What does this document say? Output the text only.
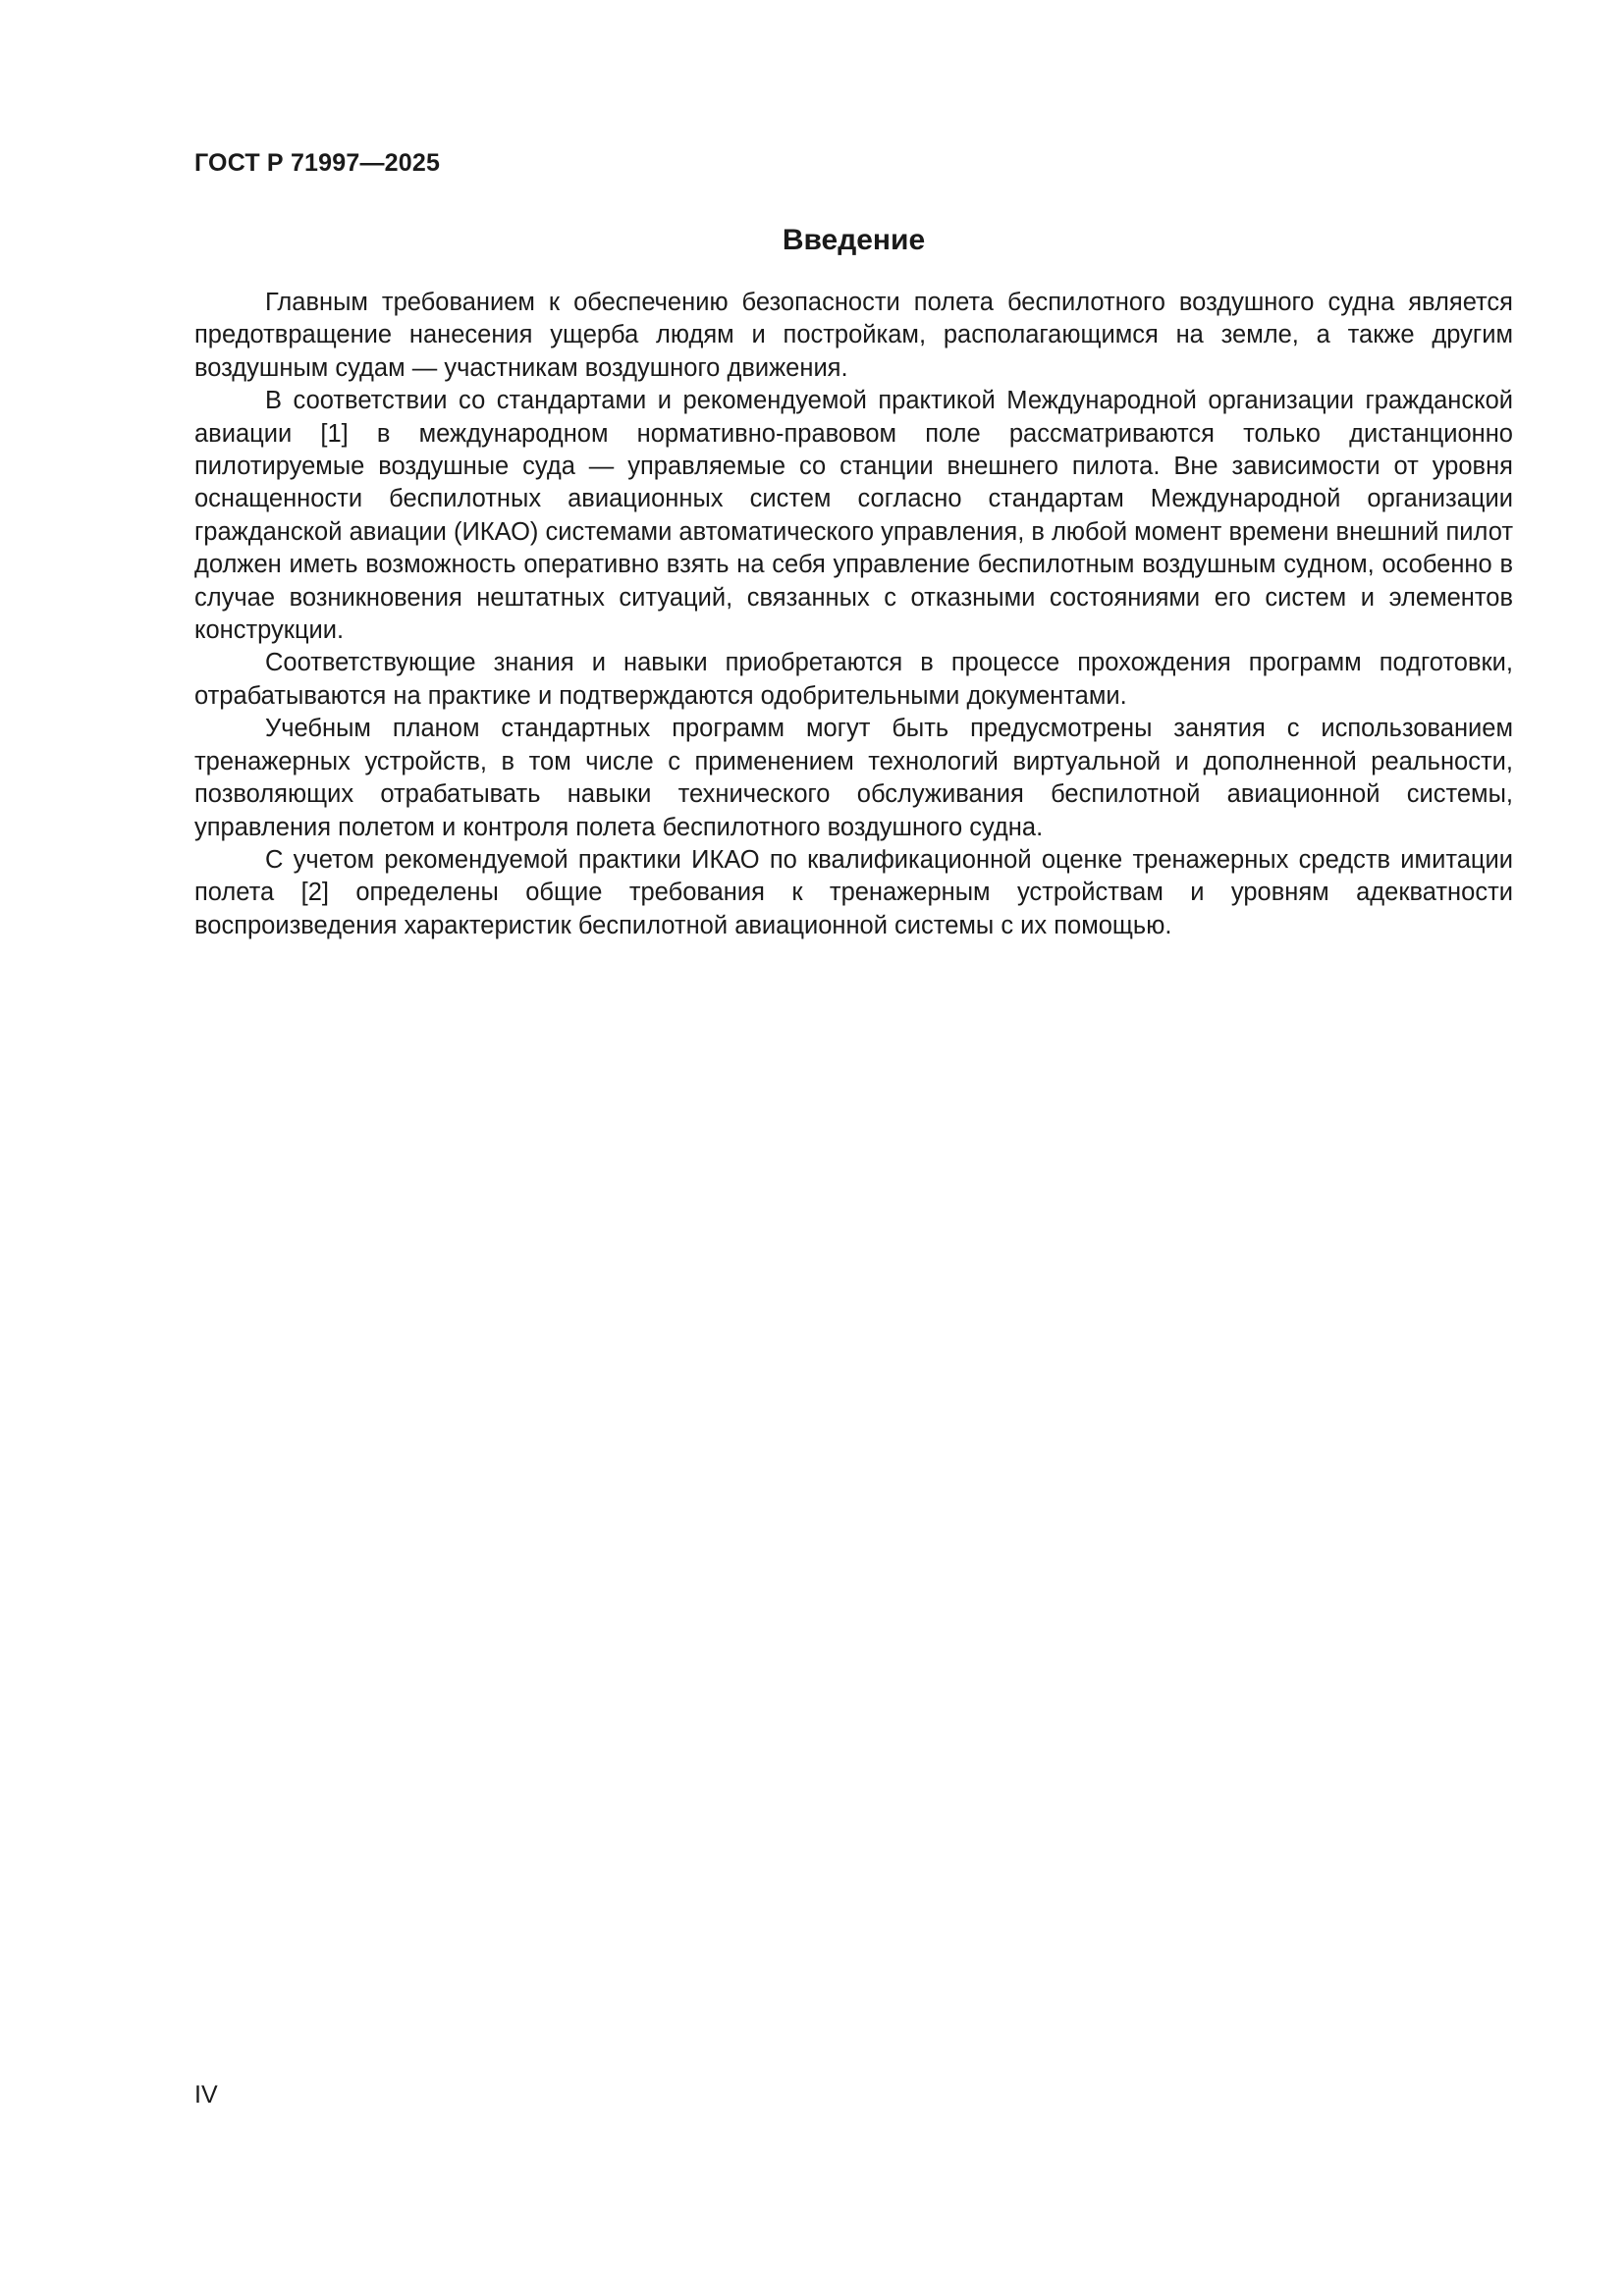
ГОСТ Р 71997—2025
Введение

Главным требованием к обеспечению безопасности полета беспилотного воздушного судна является предотвращение нанесения ущерба людям и постройкам, располагающимся на земле, а также другим воздушным судам — участникам воздушного движения.

В соответствии со стандартами и рекомендуемой практикой Международной организации гражданской авиации [1] в международном нормативно-правовом поле рассматриваются только дистанционно пилотируемые воздушные суда — управляемые со станции внешнего пилота. Вне зависимости от уровня оснащенности беспилотных авиационных систем согласно стандартам Международной организации гражданской авиации (ИКАО) системами автоматического управления, в любой момент времени внешний пилот должен иметь возможность оперативно взять на себя управление беспилотным воздушным судном, особенно в случае возникновения нештатных ситуаций, связанных с отказными состояниями его систем и элементов конструкции.

Соответствующие знания и навыки приобретаются в процессе прохождения программ подготовки, отрабатываются на практике и подтверждаются одобрительными документами.

Учебным планом стандартных программ могут быть предусмотрены занятия с использованием тренажерных устройств, в том числе с применением технологий виртуальной и дополненной реальности, позволяющих отрабатывать навыки технического обслуживания беспилотной авиационной системы, управления полетом и контроля полета беспилотного воздушного судна.

С учетом рекомендуемой практики ИКАО по квалификационной оценке тренажерных средств имитации полета [2] определены общие требования к тренажерным устройствам и уровням адекватности воспроизведения характеристик беспилотной авиационной системы с их помощью.

IV
